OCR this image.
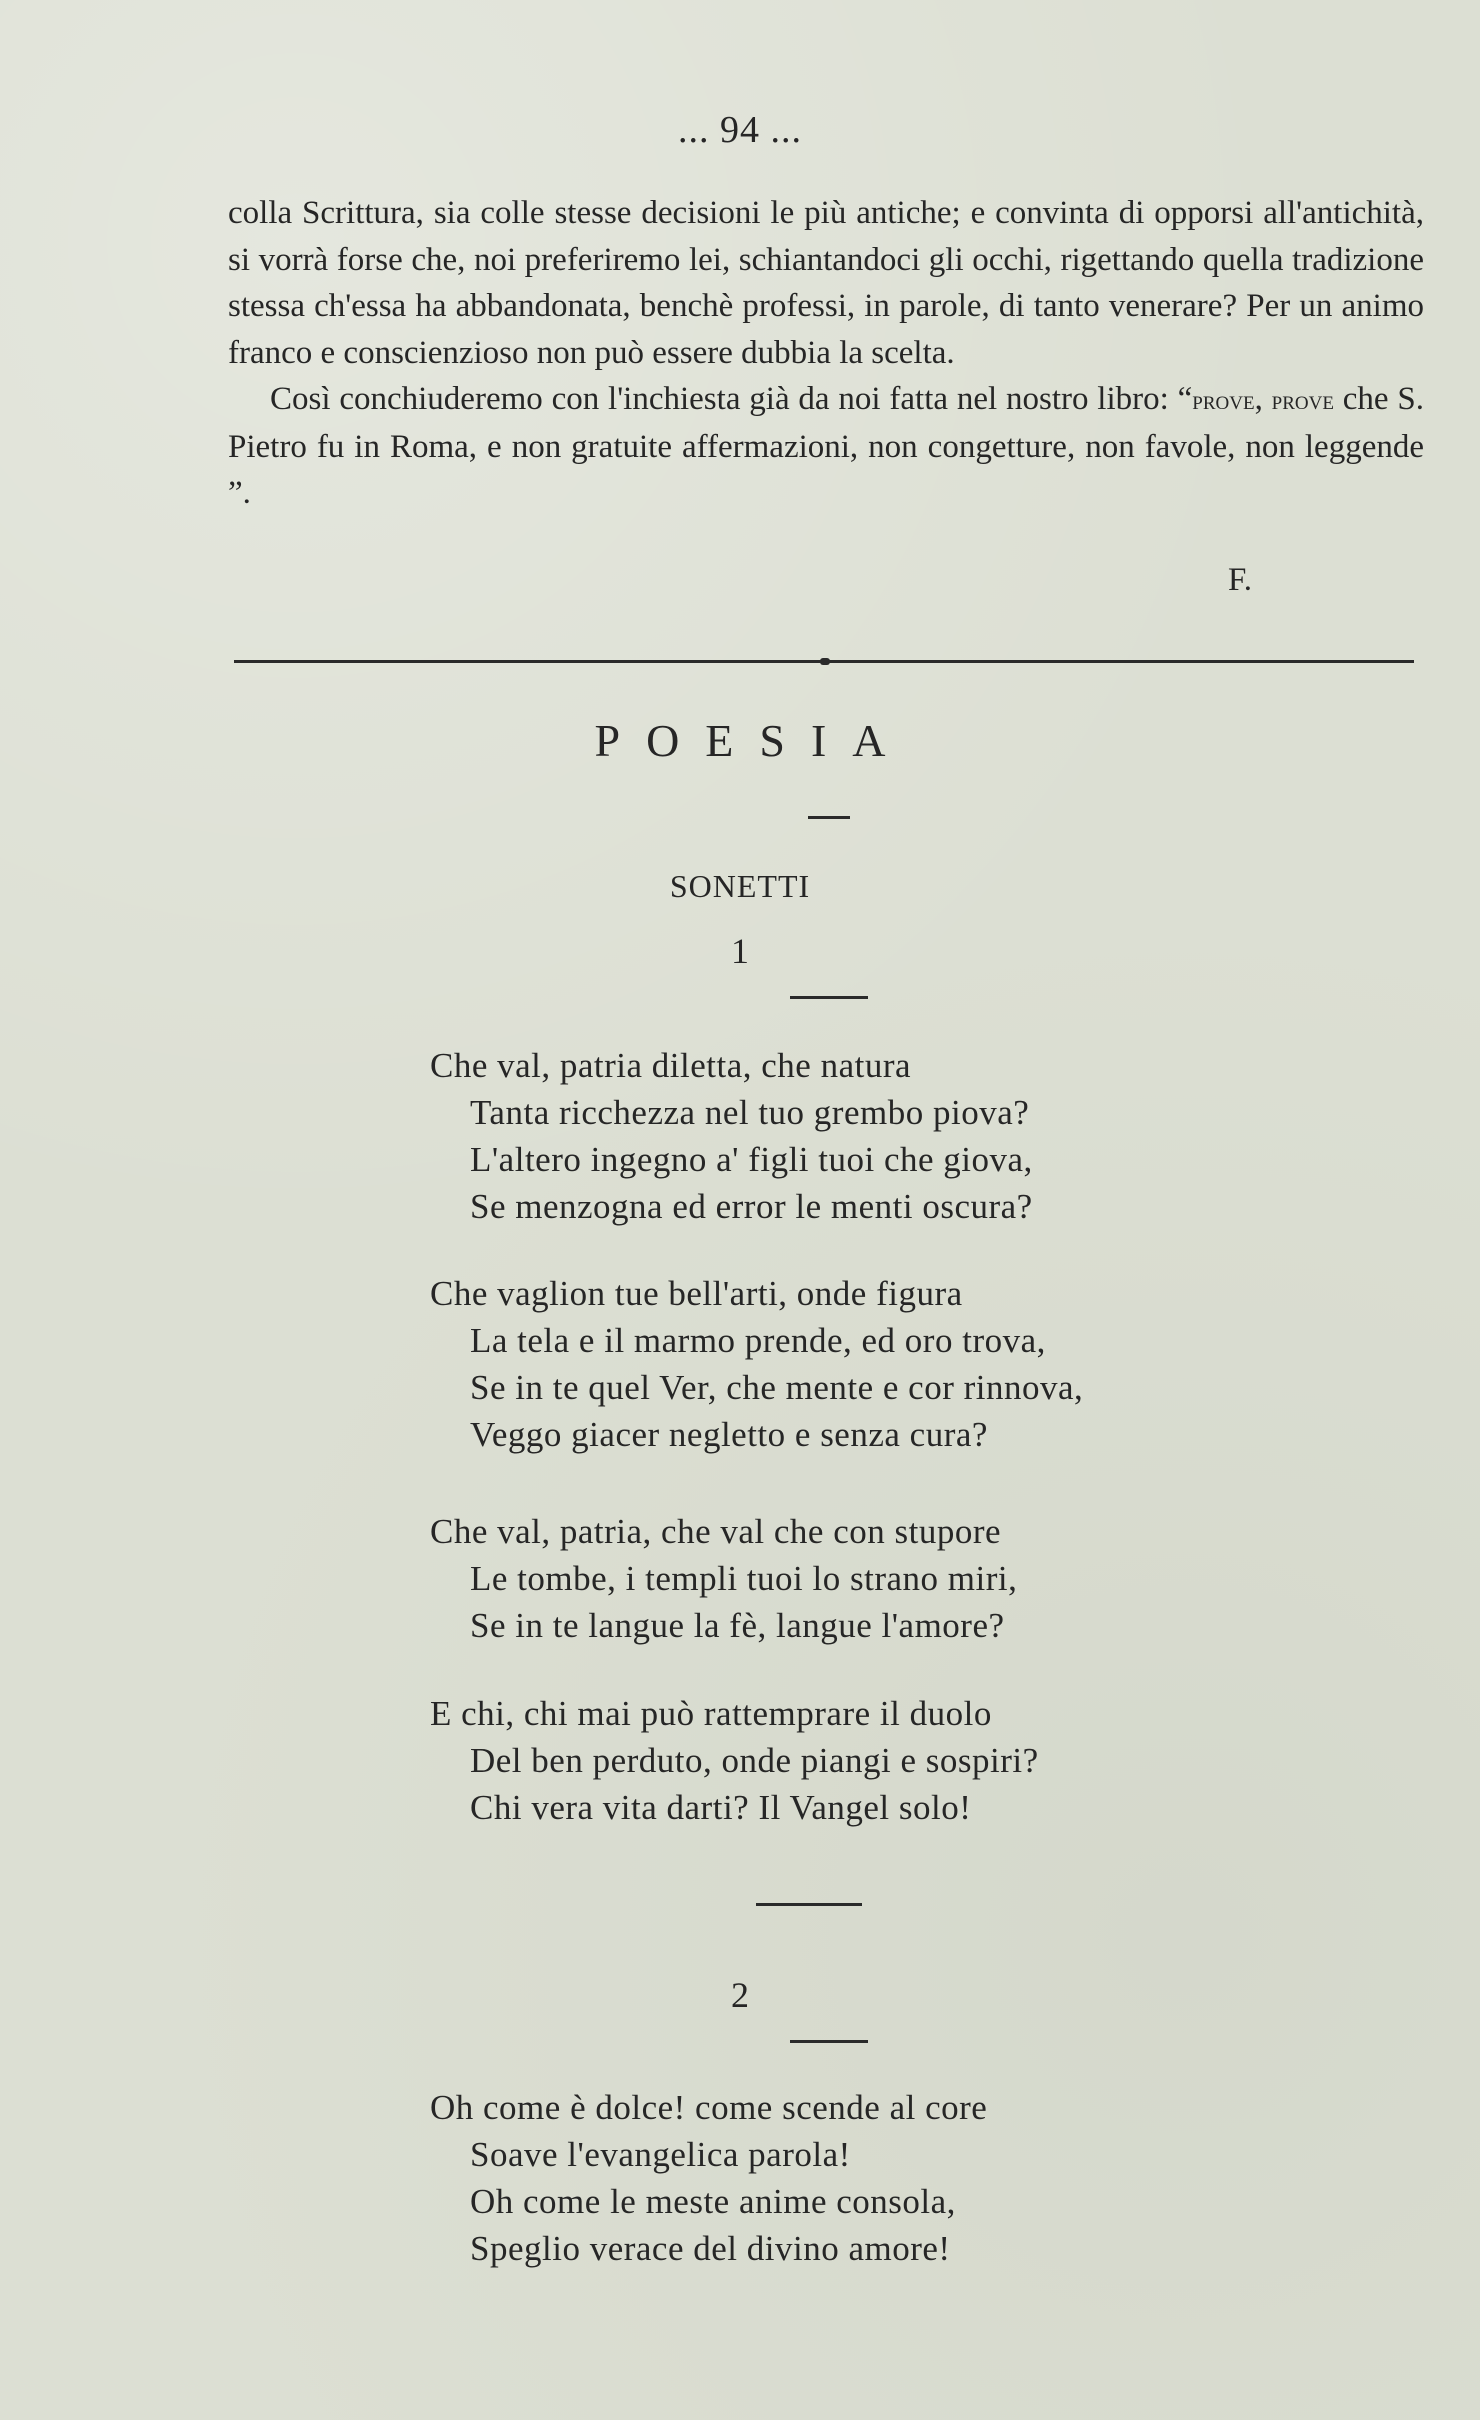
... 94 ...

colla Scrittura, sia colle stesse decisioni le più antiche; e convinta di opporsi all'antichità, si vorrà forse che, noi preferiremo lei, schiantandoci gli occhi, rigettando quella tradizione stessa ch'essa ha abbandonata, benchè professi, in parole, di tanto venerare? Per un animo franco e conscienzioso non può essere dubbia la scelta.

Così conchiuderemo con l'inchiesta già da noi fatta nel nostro libro: “prove, prove che S. Pietro fu in Roma, e non gratuite affermazioni, non congetture, non favole, non leggende ”.

F.
POESIA
SONETTI
1
Che val, patria diletta, che natura
Tanta ricchezza nel tuo grembo piova?
L'altero ingegno a' figli tuoi che giova,
Se menzogna ed error le menti oscura?
Che vaglion tue bell'arti, onde figura
La tela e il marmo prende, ed oro trova,
Se in te quel Ver, che mente e cor rinnova,
Veggo giacer negletto e senza cura?
Che val, patria, che val che con stupore
Le tombe, i templi tuoi lo strano miri,
Se in te langue la fè, langue l'amore?
E chi, chi mai può rattemprare il duolo
Del ben perduto, onde piangi e sospiri?
Chi vera vita darti? Il Vangel solo!
2
Oh come è dolce! come scende al core
Soave l'evangelica parola!
Oh come le meste anime consola,
Speglio verace del divino amore!
